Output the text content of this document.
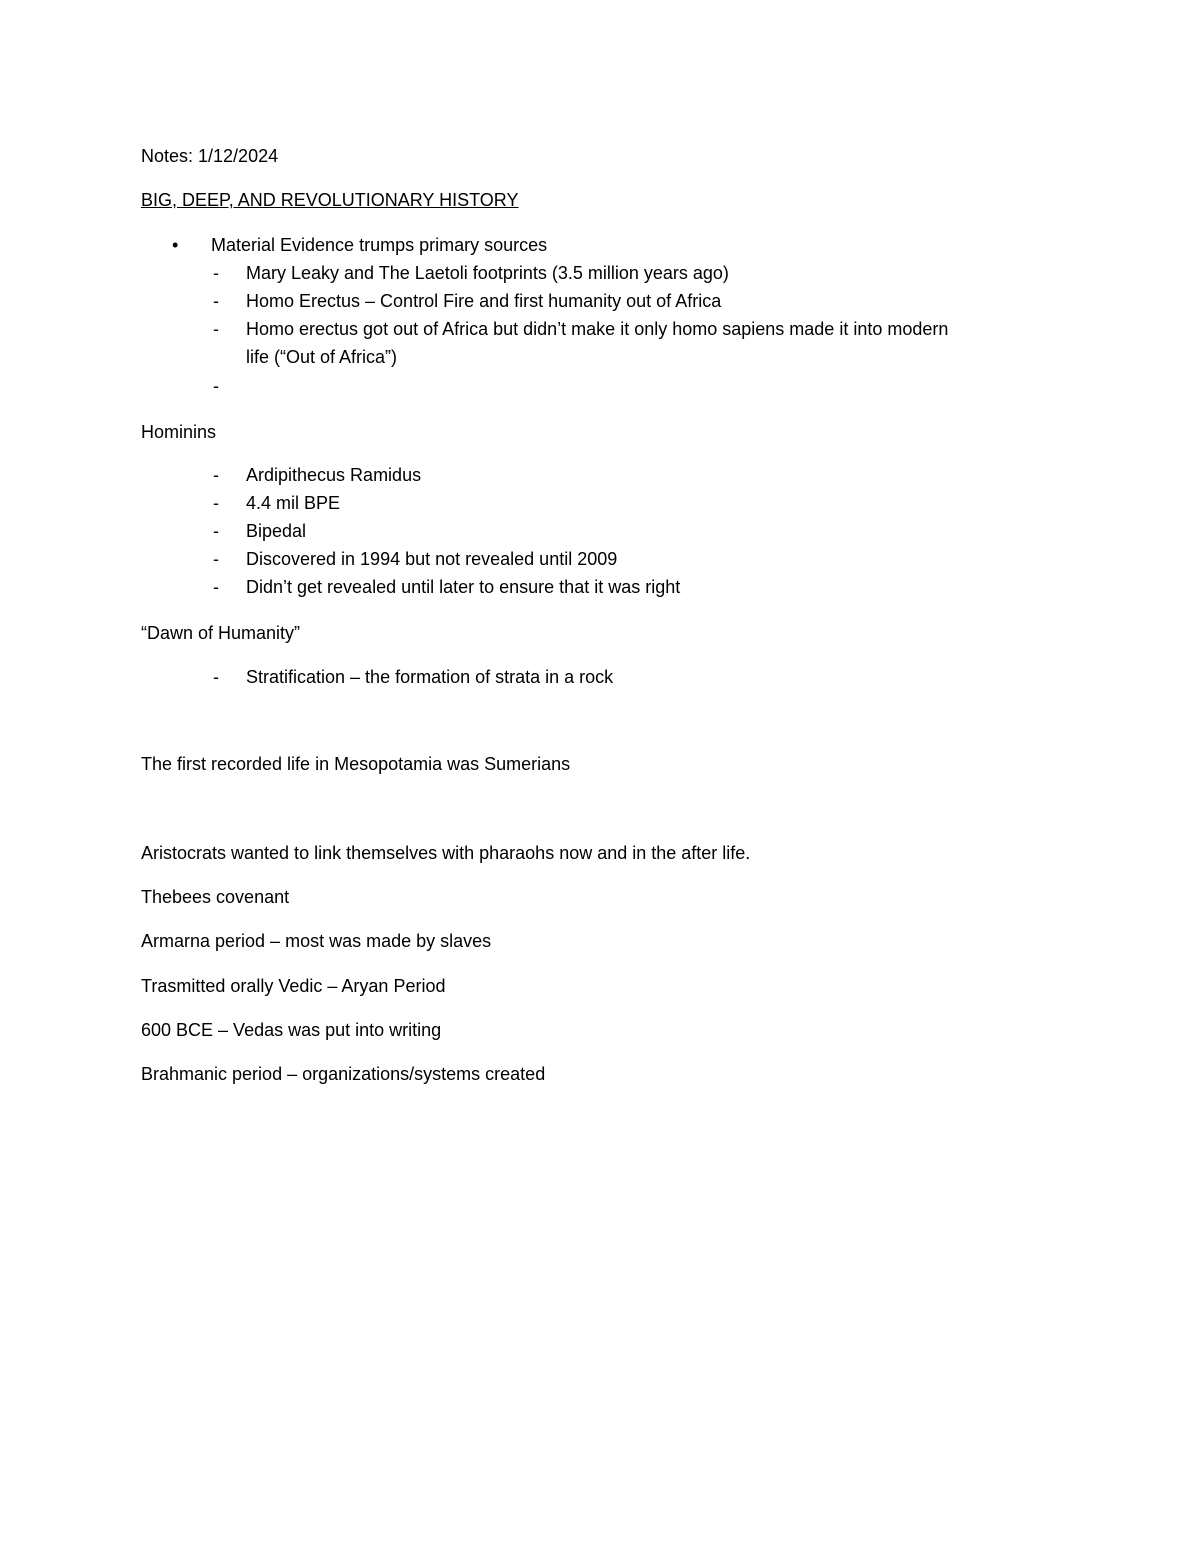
Notes: 1/12/2024
BIG, DEEP, AND REVOLUTIONARY HISTORY
• Material Evidence trumps primary sources
- Mary Leaky and The Laetoli footprints (3.5 million years ago)
- Homo Erectus – Control Fire and first humanity out of Africa
- Homo erectus got out of Africa but didn’t make it only homo sapiens made it into modern
life (“Out of Africa”)
-
Hominins
- Ardipithecus Ramidus
- 4.4 mil BPE
- Bipedal
- Discovered in 1994 but not revealed until 2009
- Didn’t get revealed until later to ensure that it was right
“Dawn of Humanity”
- Stratification – the formation of strata in a rock
The first recorded life in Mesopotamia was Sumerians
Aristocrats wanted to link themselves with pharaohs now and in the after life.
Thebees covenant
Armarna period – most was made by slaves
Trasmitted orally Vedic – Aryan Period
600 BCE – Vedas was put into writing
Brahmanic period – organizations/systems created
